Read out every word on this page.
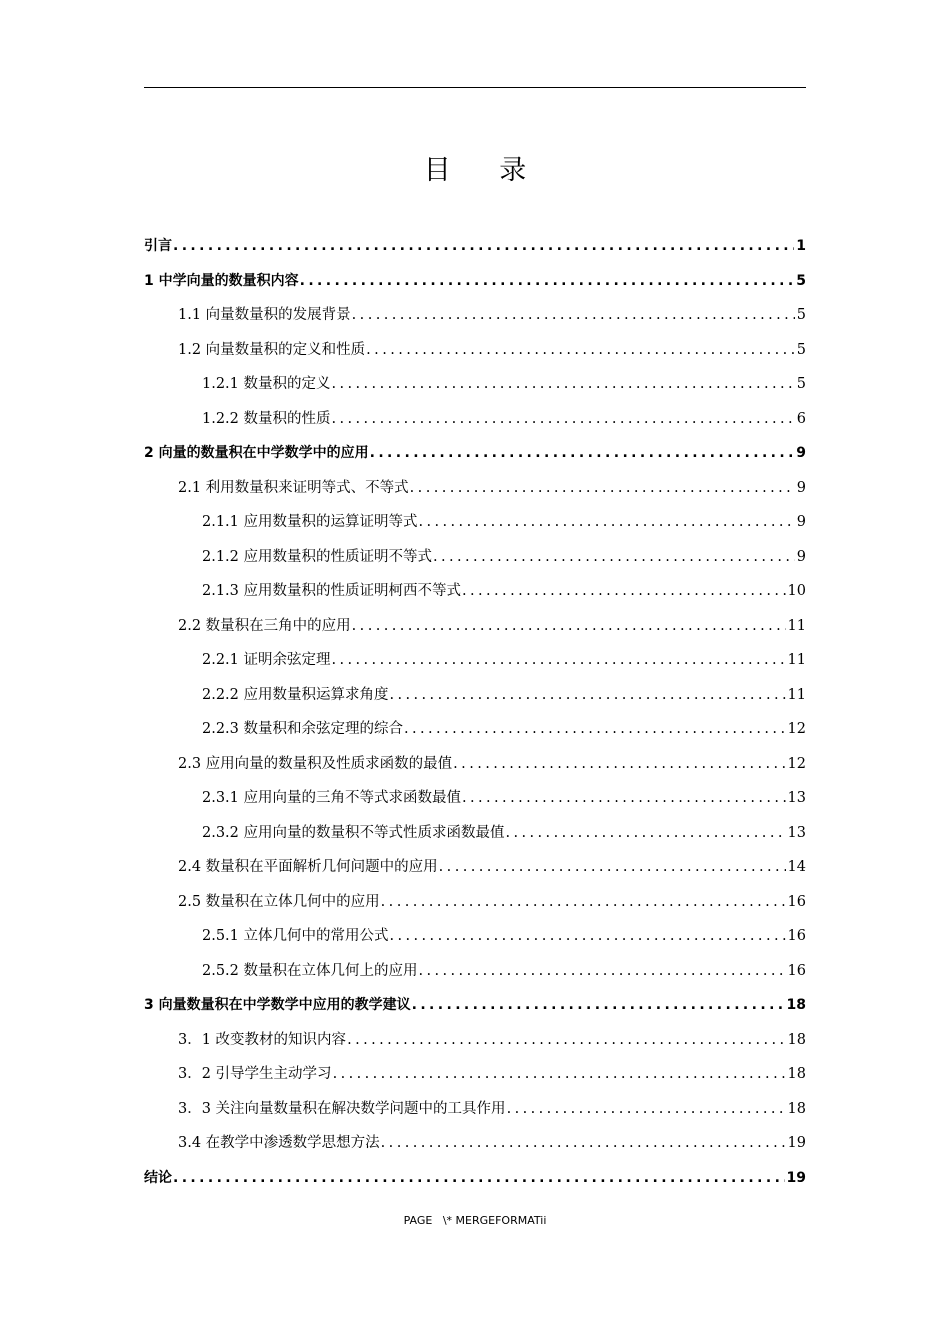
目 录
引言 .....	1
1 中学向量的数量积内容 .....	5
1.1 向量数量积的发展背景 .....	5
1.2 向量数量积的定义和性质 .....	5
1.2.1 数量积的定义 .....	5
1.2.2 数量积的性质 .....	6
2 向量的数量积在中学数学中的应用 .....	9
2.1 利用数量积来证明等式、不等式 .....	9
2.1.1 应用数量积的运算证明等式 .....	9
2.1.2 应用数量积的性质证明不等式 .....	9
2.1.3 应用数量积的性质证明柯西不等式 .....	10
2.2 数量积在三角中的应用 .....	11
2.2.1 证明余弦定理 .....	11
2.2.2 应用数量积运算求角度 .....	11
2.2.3 数量积和余弦定理的综合 .....	12
2.3 应用向量的数量积及性质求函数的最值 .....	12
2.3.1 应用向量的三角不等式求函数最值 .....	13
2.3.2 应用向量的数量积不等式性质求函数最值 .....	13
2.4 数量积在平面解析几何问题中的应用 .....	14
2.5 数量积在立体几何中的应用 .....	16
2.5.1 立体几何中的常用公式 .....	16
2.5.2 数量积在立体几何上的应用 .....	16
3 向量数量积在中学数学中应用的教学建议 .....	18
3．1 改变教材的知识内容 .....	18
3．2 引导学生主动学习 .....	18
3．3 关注向量数量积在解决数学问题中的工具作用 .....	18
3.4 在教学中渗透数学思想方法 .....	19
结论 .....	19
PAGE   \* MERGEFORMATii
